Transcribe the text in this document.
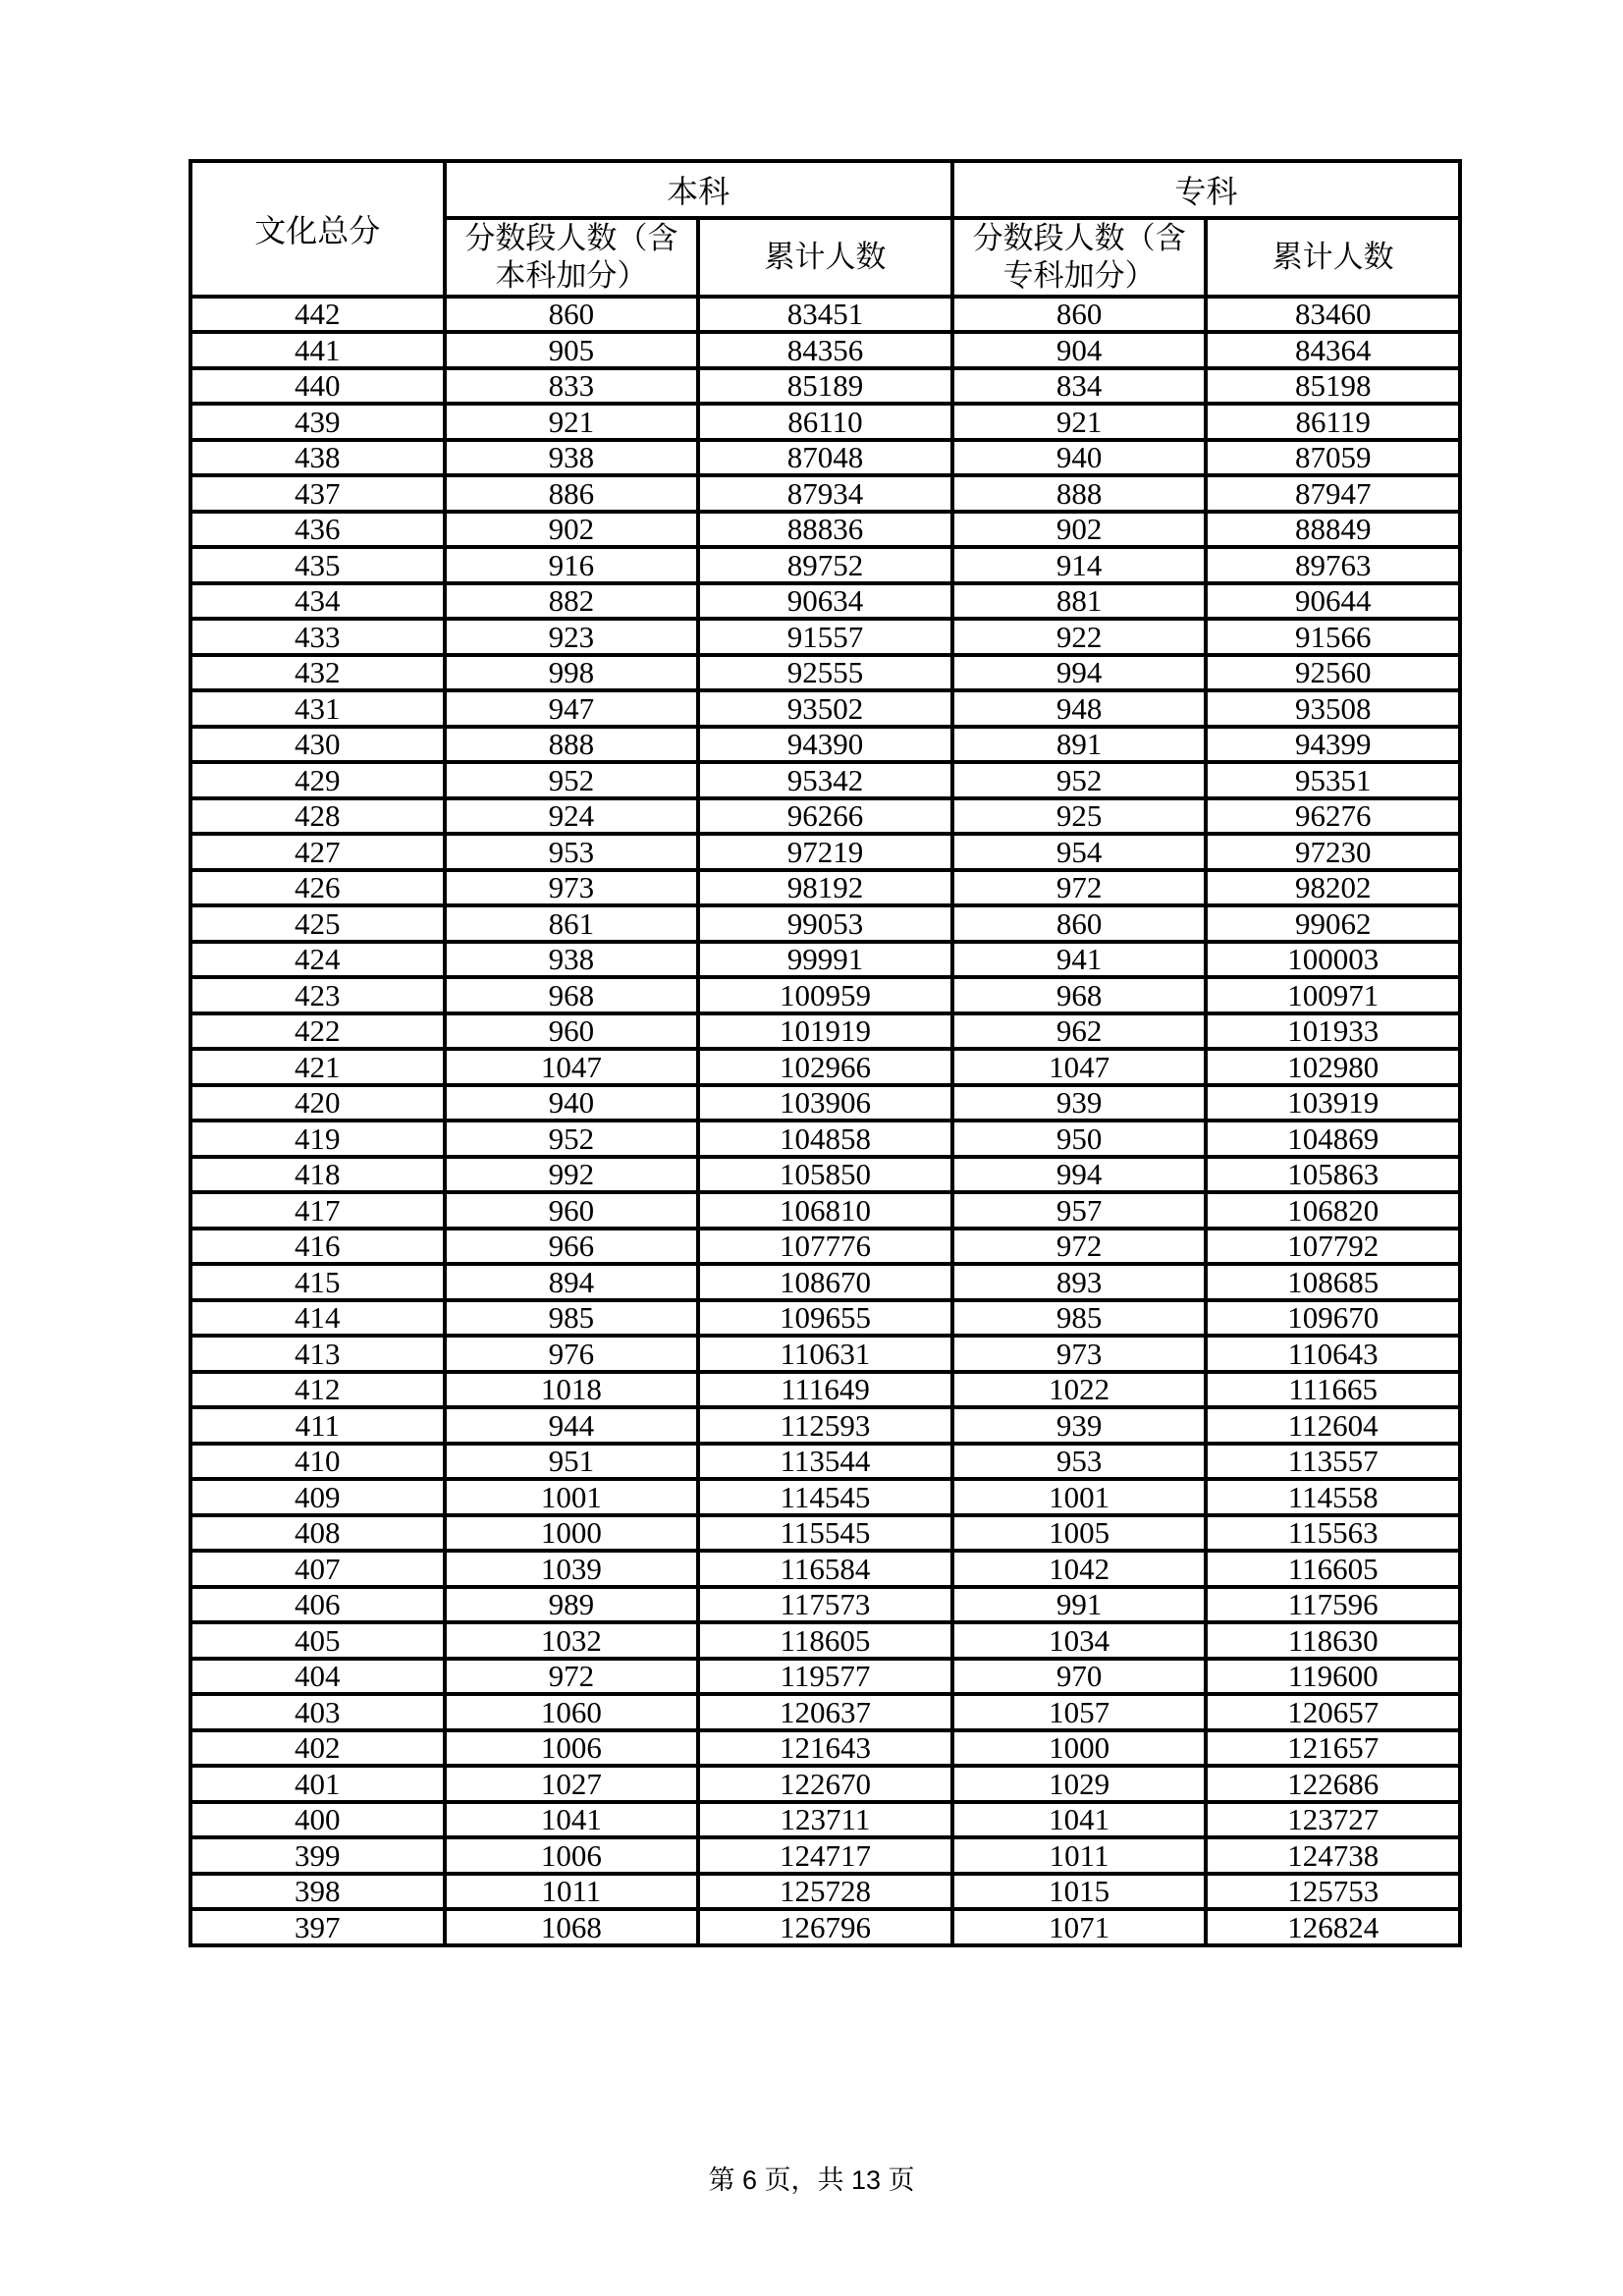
文化总分	本科		专科	
	分数段人数（含本科加分）	累计人数	分数段人数（含专科加分）	累计人数
442	860	83451	860	83460
441	905	84356	904	84364
440	833	85189	834	85198
439	921	86110	921	86119
438	938	87048	940	87059
437	886	87934	888	87947
436	902	88836	902	88849
435	916	89752	914	89763
434	882	90634	881	90644
433	923	91557	922	91566
432	998	92555	994	92560
431	947	93502	948	93508
430	888	94390	891	94399
429	952	95342	952	95351
428	924	96266	925	96276
427	953	97219	954	97230
426	973	98192	972	98202
425	861	99053	860	99062
424	938	99991	941	100003
423	968	100959	968	100971
422	960	101919	962	101933
421	1047	102966	1047	102980
420	940	103906	939	103919
419	952	104858	950	104869
418	992	105850	994	105863
417	960	106810	957	106820
416	966	107776	972	107792
415	894	108670	893	108685
414	985	109655	985	109670
413	976	110631	973	110643
412	1018	111649	1022	111665
411	944	112593	939	112604
410	951	113544	953	113557
409	1001	114545	1001	114558
408	1000	115545	1005	115563
407	1039	116584	1042	116605
406	989	117573	991	117596
405	1032	118605	1034	118630
404	972	119577	970	119600
403	1060	120637	1057	120657
402	1006	121643	1000	121657
401	1027	122670	1029	122686
400	1041	123711	1041	123727
399	1006	124717	1011	124738
398	1011	125728	1015	125753
397	1068	126796	1071	126824
第 6 页，共 13 页
